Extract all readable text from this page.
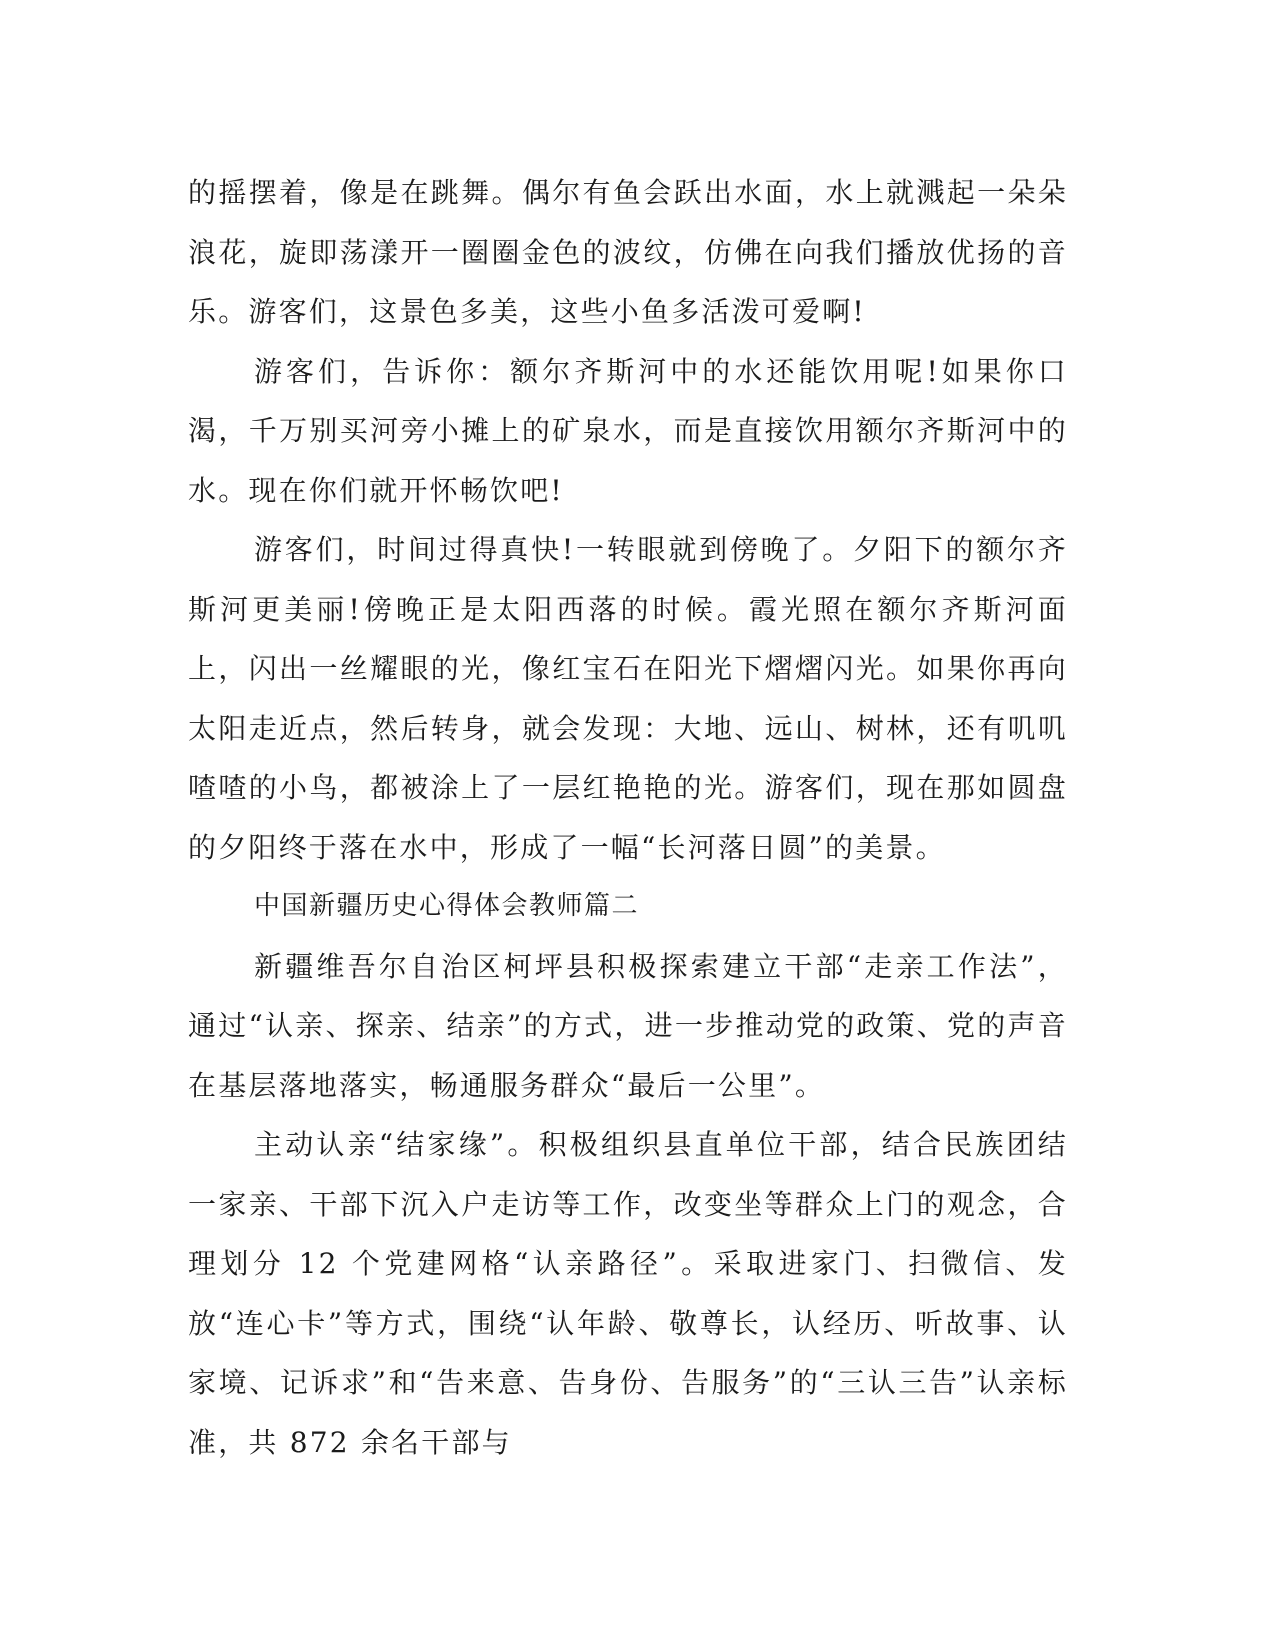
的摇摆着，像是在跳舞。偶尔有鱼会跃出水面，水上就溅起一朵朵浪花，旋即荡漾开一圈圈金色的波纹，仿佛在向我们播放优扬的音乐。游客们，这景色多美，这些小鱼多活泼可爱啊!

游客们，告诉你：额尔齐斯河中的水还能饮用呢!如果你口渴，千万别买河旁小摊上的矿泉水，而是直接饮用额尔齐斯河中的水。现在你们就开怀畅饮吧!

游客们，时间过得真快!一转眼就到傍晚了。夕阳下的额尔齐斯河更美丽!傍晚正是太阳西落的时候。霞光照在额尔齐斯河面上，闪出一丝耀眼的光，像红宝石在阳光下熠熠闪光。如果你再向太阳走近点，然后转身，就会发现：大地、远山、树林，还有叽叽喳喳的小鸟，都被涂上了一层红艳艳的光。游客们，现在那如圆盘的夕阳终于落在水中，形成了一幅“长河落日圆”的美景。

中国新疆历史心得体会教师篇二

新疆维吾尔自治区柯坪县积极探索建立干部“走亲工作法”，通过“认亲、探亲、结亲”的方式，进一步推动党的政策、党的声音在基层落地落实，畅通服务群众“最后一公里”。

主动认亲“结家缘”。积极组织县直单位干部，结合民族团结一家亲、干部下沉入户走访等工作，改变坐等群众上门的观念，合理划分 12 个党建网格“认亲路径”。采取进家门、扫微信、发放“连心卡”等方式，围绕“认年龄、敬尊长，认经历、听故事、认家境、记诉求”和“告来意、告身份、告服务”的“三认三告”认亲标准，共 872 余名干部与
